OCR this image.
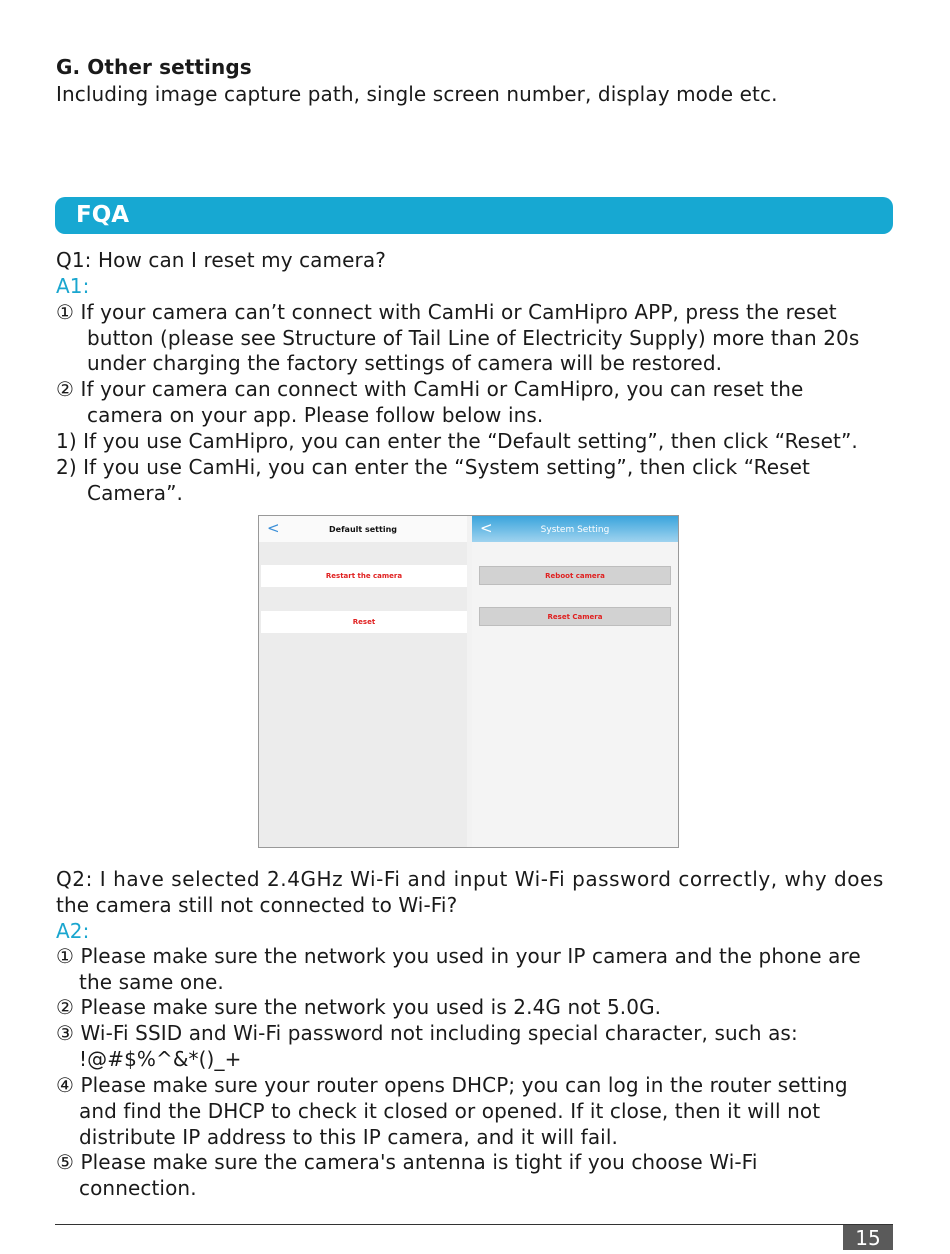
G. Other settings
Including image capture path, single screen number, display mode etc.
FQA
Q1: How can I reset my camera?
A1:
① If your camera can’t connect with CamHi or CamHipro APP, press the reset
button (please see Structure of Tail Line of Electricity Supply) more than 20s
under charging the factory settings of camera will be restored.
② If your camera can connect with CamHi or CamHipro, you can reset the
camera on your app. Please follow below ins.
1) If you use CamHipro, you can enter the “Default setting”, then click “Reset”.
2) If you use CamHi, you can enter the “System setting”, then click “Reset
Camera”.
<	Default setting
Restart the camera
Reset
<	System Setting
Reboot camera
Reset Camera
Q2: I have selected 2.4GHz Wi-Fi and input Wi-Fi password correctly, why does
the camera still not connected to Wi-Fi?
A2:
① Please make sure the network you used in your IP camera and the phone are
the same one.
② Please make sure the network you used is 2.4G not 5.0G.
③ Wi-Fi SSID and Wi-Fi password not including special character, such as:
!@#$%^&*()_+
④ Please make sure your router opens DHCP; you can log in the router setting
and find the DHCP to check it closed or opened. If it close, then it will not
distribute IP address to this IP camera, and it will fail.
⑤ Please make sure the camera's antenna is tight if you choose Wi-Fi
connection.
15
